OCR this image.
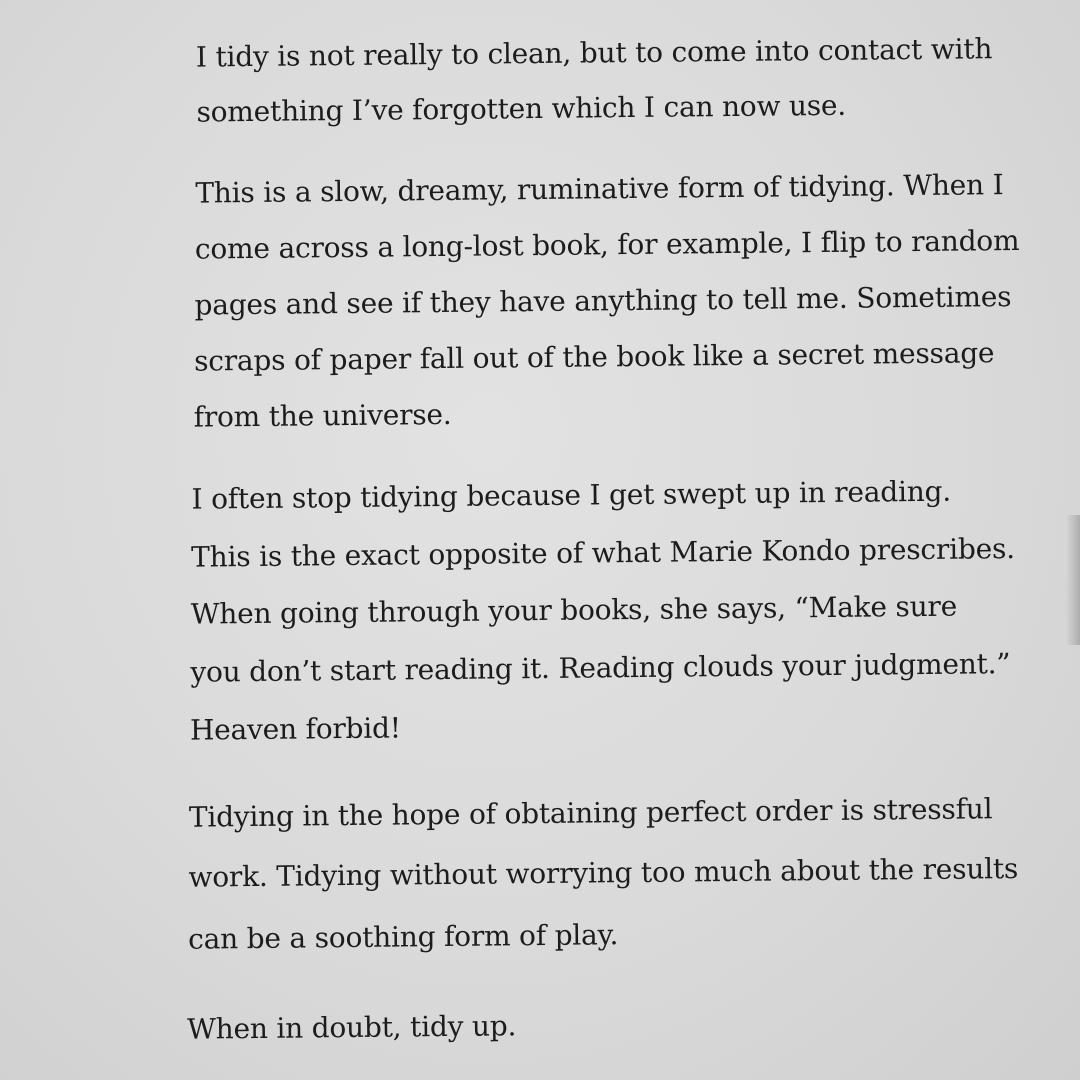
I tidy is not really to clean, but to come into contact with
something I’ve forgotten which I can now use.
This is a slow, dreamy, ruminative form of tidying. When I
come across a long-lost book, for example, I flip to random
pages and see if they have anything to tell me. Sometimes
scraps of paper fall out of the book like a secret message
from the universe.
I often stop tidying because I get swept up in reading.
This is the exact opposite of what Marie Kondo prescribes.
When going through your books, she says, “Make sure
you don’t start reading it. Reading clouds your judgment.”
Heaven forbid!
Tidying in the hope of obtaining perfect order is stressful
work. Tidying without worrying too much about the results
can be a soothing form of play.
When in doubt, tidy up.
